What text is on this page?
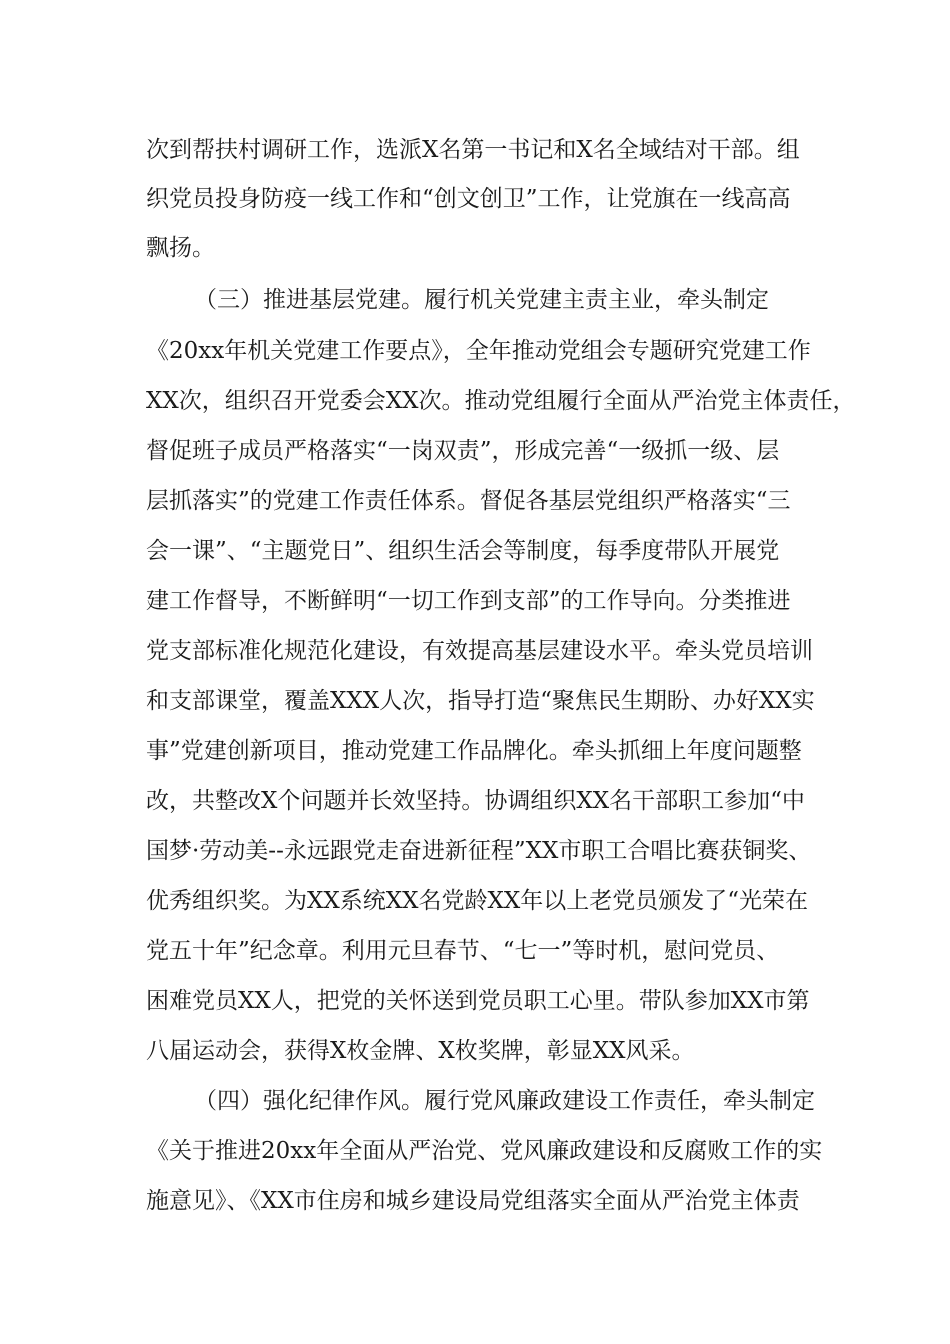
次到帮扶村调研工作，选派X名第一书记和X名全域结对干部。组
织党员投身防疫一线工作和“创文创卫”工作，让党旗在一线高高
飘扬。
（三）推进基层党建。履行机关党建主责主业，牵头制定
《20xx年机关党建工作要点》，全年推动党组会专题研究党建工作
XX次，组织召开党委会XX次。推动党组履行全面从严治党主体责任，
督促班子成员严格落实“一岗双责”，形成完善“一级抓一级、层
层抓落实”的党建工作责任体系。督促各基层党组织严格落实“三
会一课”、“主题党日”、组织生活会等制度，每季度带队开展党
建工作督导，不断鲜明“一切工作到支部”的工作导向。分类推进
党支部标准化规范化建设，有效提高基层建设水平。牵头党员培训
和支部课堂，覆盖XXX人次，指导打造“聚焦民生期盼、办好XX实
事”党建创新项目，推动党建工作品牌化。牵头抓细上年度问题整
改，共整改X个问题并长效坚持。协调组织XX名干部职工参加“中
国梦·劳动美--永远跟党走奋进新征程”XX市职工合唱比赛获铜奖、
优秀组织奖。为XX系统XX名党龄XX年以上老党员颁发了“光荣在
党五十年”纪念章。利用元旦春节、“七一”等时机，慰问党员、
困难党员XX人，把党的关怀送到党员职工心里。带队参加XX市第
八届运动会，获得X枚金牌、X枚奖牌，彰显XX风采。
（四）强化纪律作风。履行党风廉政建设工作责任，牵头制定
《关于推进20xx年全面从严治党、党风廉政建设和反腐败工作的实
施意见》、《XX市住房和城乡建设局党组落实全面从严治党主体责
